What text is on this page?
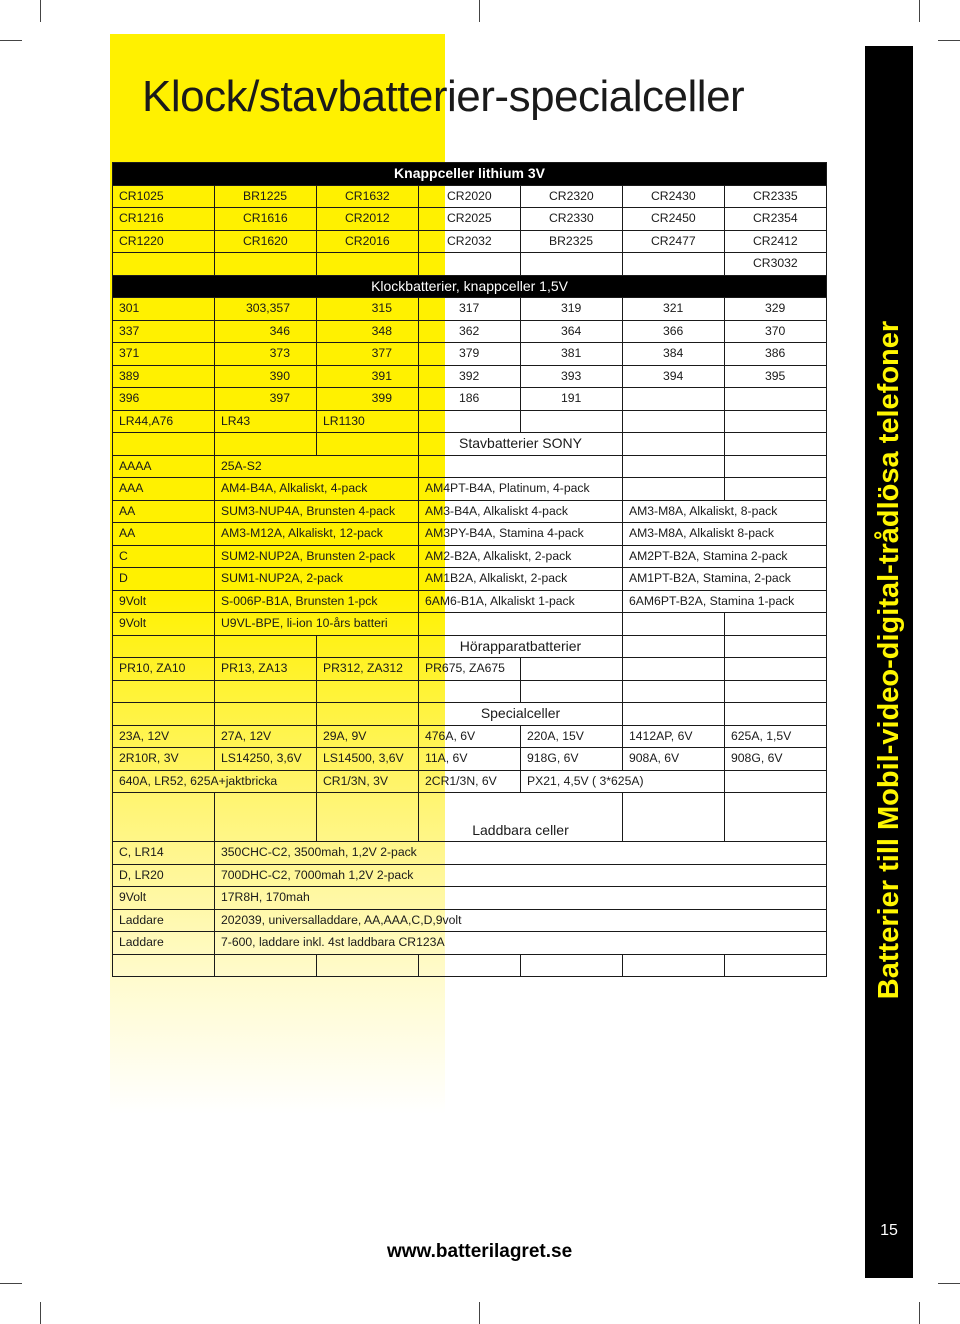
Klock/stavbatterier-specialceller
Batterier till Mobil-video-digital-trådlösa telefoner
15
Knappceller lithium 3V						
CR1025	BR1225	CR1632	CR2020	CR2320	CR2430	CR2335
CR1216	CR1616	CR2012	CR2025	CR2330	CR2450	CR2354
CR1220	CR1620	CR2016	CR2032	BR2325	CR2477	CR2412
						CR3032
Klockbatterier, knappceller 1,5V						
301	303,357	315	317	319	321	329
337	346	348	362	364	366	370
371	373	377	379	381	384	386
389	390	391	392	393	394	395
396	397	399	186	191		
LR44,A76	LR43	LR1130				
			Stavbatterier SONY			
AAAA	25A-S2					
AAA	AM4-B4A, Alkaliskt, 4-pack		AM4PT-B4A, Platinum, 4-pack			
AA	SUM3-NUP4A, Brunsten 4-pack		AM3-B4A, Alkaliskt 4-pack		AM3-M8A, Alkaliskt, 8-pack	
AA	AM3-M12A, Alkaliskt, 12-pack		AM3PY-B4A, Stamina 4-pack		AM3-M8A, Alkaliskt 8-pack	
C	SUM2-NUP2A, Brunsten 2-pack		AM2-B2A, Alkaliskt, 2-pack		AM2PT-B2A, Stamina 2-pack	
D	SUM1-NUP2A, 2-pack		AM1B2A, Alkaliskt, 2-pack		AM1PT-B2A, Stamina, 2-pack	
9Volt	S-006P-B1A, Brunsten 1-pck		6AM6-B1A, Alkaliskt 1-pack		6AM6PT-B2A, Stamina 1-pack	
9Volt	U9VL-BPE, li-ion 10-års batteri					
			Hörapparatbatterier			
PR10, ZA10	PR13, ZA13	PR312, ZA312	PR675, ZA675			

			Specialceller			
23A, 12V	27A, 12V	29A, 9V	476A, 6V	220A, 15V	1412AP, 6V	625A, 1,5V
2R10R, 3V	LS14250, 3,6V	LS14500, 3,6V	11A, 6V	918G, 6V	908A, 6V	908G, 6V
640A, LR52, 625A+jaktbricka		CR1/3N, 3V	2CR1/3N, 6V	PX21, 4,5V ( 3*625A)		
			Laddbara celler			
C, LR14	350CHC-C2, 3500mah, 1,2V 2-pack					
D, LR20	700DHC-C2, 7000mah 1,2V 2-pack					
9Volt	17R8H, 170mah					
Laddare	202039, universalladdare, AA,AAA,C,D,9volt					
Laddare	7-600, laddare inkl. 4st laddbara CR123A					

www.batterilagret.se
